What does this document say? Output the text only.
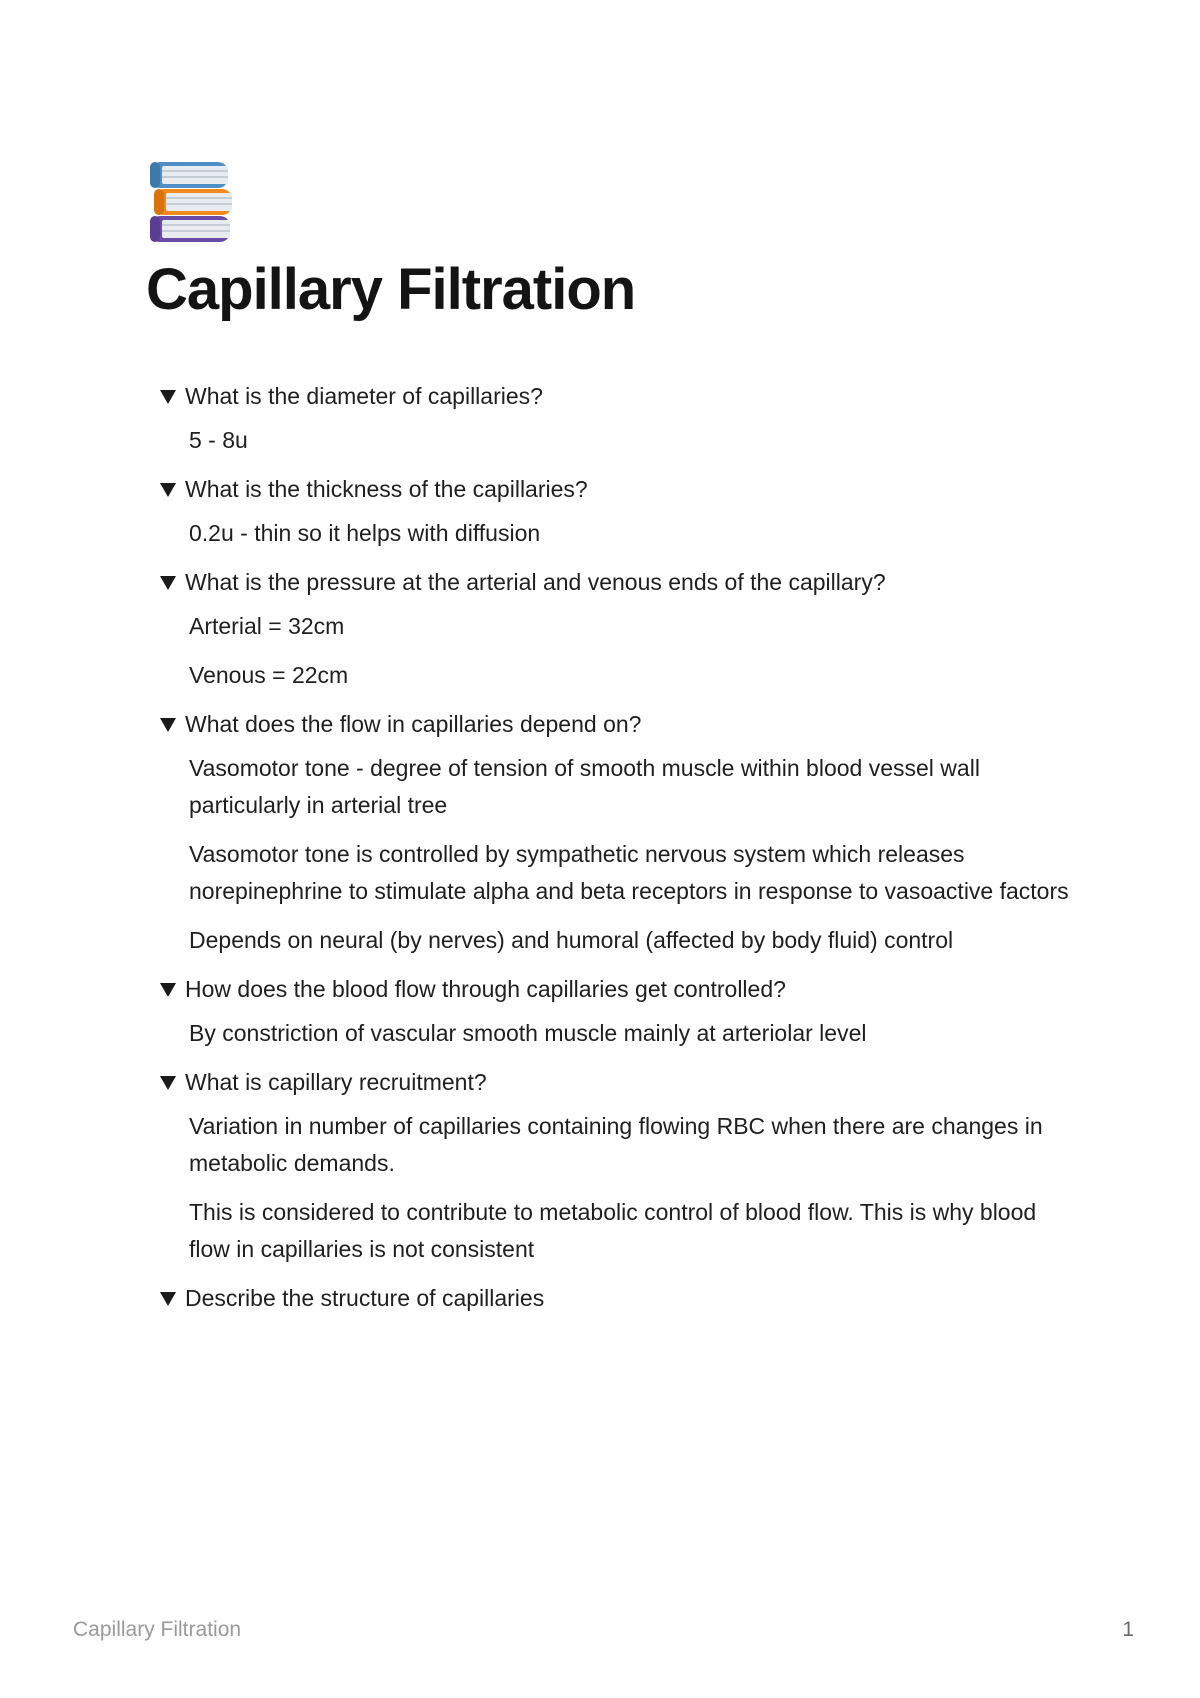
Capillary Filtration
What is the diameter of capillaries?

5 - 8u

What is the thickness of the capillaries?

0.2u - thin so it helps with diffusion

What is the pressure at the arterial and venous ends of the capillary?

Arterial = 32cm

Venous = 22cm

What does the flow in capillaries depend on?

Vasomotor tone - degree of tension of smooth muscle within blood vessel wall particularly in arterial tree

Vasomotor tone is controlled by sympathetic nervous system which releases norepinephrine to stimulate alpha and beta receptors in response to vasoactive factors

Depends on neural (by nerves) and humoral (affected by body fluid) control

How does the blood flow through capillaries get controlled?

By constriction of vascular smooth muscle mainly at arteriolar level

What is capillary recruitment?

Variation in number of capillaries containing flowing RBC when there are changes in metabolic demands.

This is considered to contribute to metabolic control of blood flow. This is why blood flow in capillaries is not consistent

Describe the structure of capillaries
Capillary Filtration	1
